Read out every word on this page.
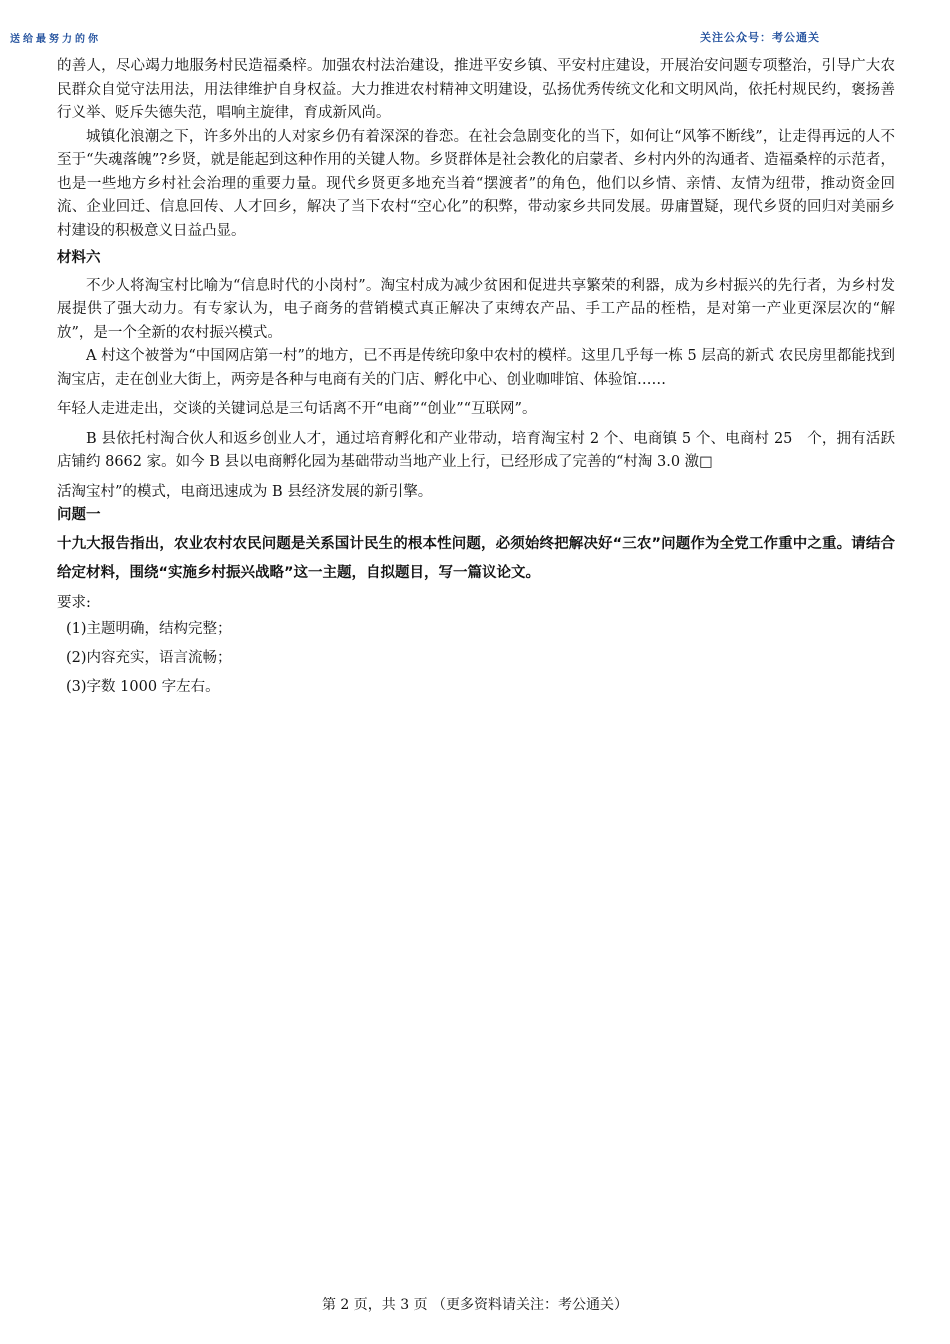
送给最努力的你	关注公众号：考公通关

的善人，尽心竭力地服务村民造福桑梓。加强农村法治建设，推进平安乡镇、平安村庄建设，开展治安问题专项整治，引导广大农民群众自觉守法用法，用法律维护自身权益。大力推进农村精神文明建设，弘扬优秀传统文化和文明风尚，依托村规民约，褒扬善行义举、贬斥失德失范，唱响主旋律，育成新风尚。

城镇化浪潮之下，许多外出的人对家乡仍有着深深的眷恋。在社会急剧变化的当下，如何让“风筝不断线”，让走得再远的人不至于“失魂落魄”?乡贤，就是能起到这种作用的关键人物。乡贤群体是社会教化的启蒙者、乡村内外的沟通者、造福桑梓的示范者，也是一些地方乡村社会治理的重要力量。现代乡贤更多地充当着“摆渡者”的角色，他们以乡情、亲情、友情为纽带，推动资金回流、企业回迁、信息回传、人才回乡，解决了当下农村“空心化”的积弊，带动家乡共同发展。毋庸置疑，现代乡贤的回归对美丽乡村建设的积极意义日益凸显。

材料六

不少人将淘宝村比喻为“信息时代的小岗村”。淘宝村成为减少贫困和促进共享繁荣的利器，成为乡村振兴的先行者，为乡村发展提供了强大动力。有专家认为，电子商务的营销模式真正解决了束缚农产品、手工产品的桎梏，是对第一产业更深层次的“解放”，是一个全新的农村振兴模式。

A 村这个被誉为“中国网店第一村”的地方，已不再是传统印象中农村的模样。这里几乎每一栋 5 层高的新式 农民房里都能找到淘宝店，走在创业大街上，两旁是各种与电商有关的门店、孵化中心、创业咖啡馆、体验馆……

年轻人走进走出，交谈的关键词总是三句话离不开“电商”“创业”“互联网”。

B 县依托村淘合伙人和返乡创业人才，通过培育孵化和产业带动，培育淘宝村 2 个、电商镇 5 个、电商村 25　个，拥有活跃店铺约 8662 家。如今 B 县以电商孵化园为基础带动当地产业上行，已经形成了完善的“村淘 3.0 激□

活淘宝村”的模式，电商迅速成为 B 县经济发展的新引擎。

问题一

十九大报告指出，农业农村农民问题是关系国计民生的根本性问题，必须始终把解决好“三农”问题作为全党工作重中之重。请结合给定材料，围绕“实施乡村振兴战略”这一主题，自拟题目，写一篇议论文。

要求:

(1)主题明确，结构完整；

(2)内容充实，语言流畅；

(3)字数 1000 字左右。

第 2 页，共 3 页 （更多资料请关注：考公通关）
